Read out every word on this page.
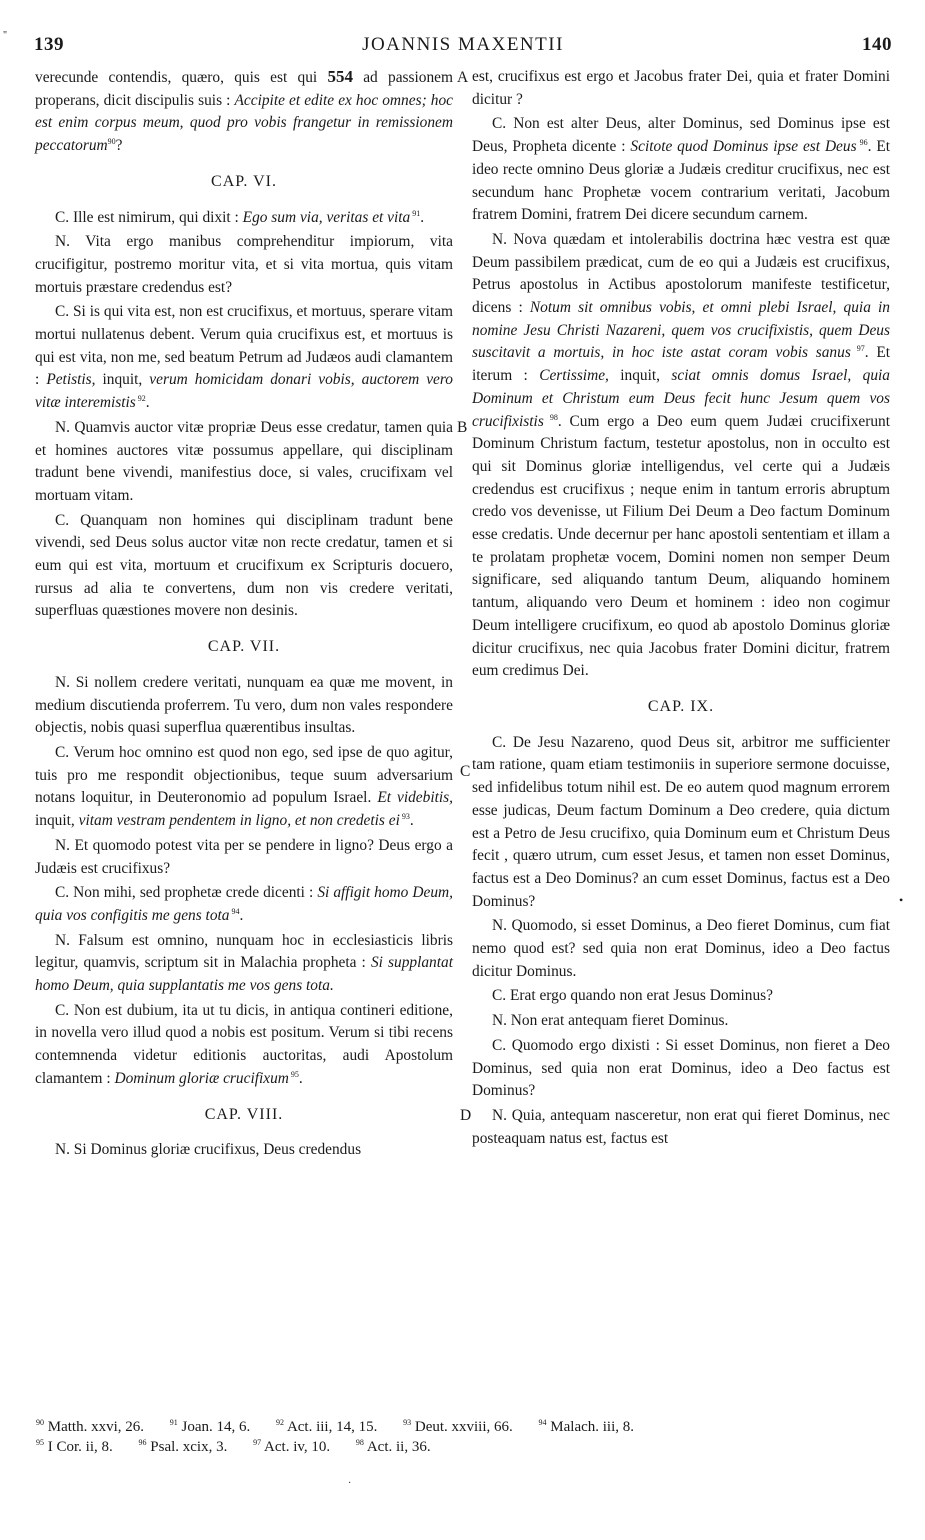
" 139	JOANNIS MAXENTII	140

verecunde contendis, quæro, quis est qui 554 ad passionem properans, dicit discipulis suis : Accipite et edite ex hoc omnes; hoc est enim corpus meum, quod pro vobis frangetur in remissionem peccatorum$^{90}$?

CAP. VI.

C. Ille est nimirum, qui dixit : Ego sum via, veritas et vita $^{91}$.

N. Vita ergo manibus comprehenditur impiorum, vita crucifigitur, postremo moritur vita, et si vita mortua, quis vitam mortuis præstare credendus est?

C. Si is qui vita est, non est crucifixus, et mortuus, sperare vitam mortui nullatenus debent. Verum quia crucifixus est, et mortuus is qui est vita, non me, sed beatum Petrum ad Judæos audi clamantem : Petistis, inquit, verum homicidam donari vobis, auctorem vero vitæ interemistis $^{92}$.

N. Quamvis auctor vitæ propriæ Deus esse credatur, tamen quia et homines auctores vitæ possumus appellare, qui disciplinam tradunt bene vivendi, manifestius doce, si vales, crucifixam vel mortuam vitam.

C. Quanquam non homines qui disciplinam tradunt bene vivendi, sed Deus solus auctor vitæ non recte credatur, tamen et si eum qui est vita, mortuum et crucifixum ex Scripturis docuero, rursus ad alia te convertens, dum non vis credere veritati, superfluas quæstiones movere non desinis.

CAP. VII.

N. Si nollem credere veritati, nunquam ea quæ me movent, in medium discutienda proferrem. Tu vero, dum non vales respondere objectis, nobis quasi superflua quærentibus insultas.

C. Verum hoc omnino est quod non ego, sed ipse de quo agitur, tuis pro me respondit objectionibus, teque suum adversarium notans loquitur, in Deuteronomio ad populum Israel. Et videbitis, inquit, vitam vestram pendentem in ligno, et non credetis ei $^{93}$.

N. Et quomodo potest vita per se pendere in ligno? Deus ergo a Judæis est crucifixus?

C. Non mihi, sed prophetæ crede dicenti : Si affigit homo Deum, quia vos configitis me gens tota $^{94}$.

N. Falsum est omnino, nunquam hoc in ecclesiasticis libris legitur, quamvis, scriptum sit in Malachia propheta : Si supplantat homo Deum, quia supplantatis me vos gens tota.

C. Non est dubium, ita ut tu dicis, in antiqua contineri editione, in novella vero illud quod a nobis est positum. Verum si tibi recens contemnenda videtur editionis auctoritas, audi Apostolum clamantem : Dominum gloriæ crucifixum $^{95}$.

CAP. VIII.

N. Si Dominus gloriæ crucifixus, Deus credendus

A
B
C
D

est, crucifixus est ergo et Jacobus frater Dei, quia et frater Domini dicitur ?

C. Non est alter Deus, alter Dominus, sed Dominus ipse est Deus, Propheta dicente : Scitote quod Dominus ipse est Deus $^{96}$. Et ideo recte omnino Deus gloriæ a Judæis creditur crucifixus, nec est secundum hanc Prophetæ vocem contrarium veritati, Jacobum fratrem Domini, fratrem Dei dicere secundum carnem.

N. Nova quædam et intolerabilis doctrina hæc vestra est quæ Deum passibilem prædicat, cum de eo qui a Judæis est crucifixus, Petrus apostolus in Actibus apostolorum manifeste testificetur, dicens : Notum sit omnibus vobis, et omni plebi Israel, quia in nomine Jesu Christi Nazareni, quem vos crucifixistis, quem Deus suscitavit a mortuis, in hoc iste astat coram vobis sanus $^{97}$. Et iterum : Certissime, inquit, sciat omnis domus Israel, quia Dominum et Christum eum Deus fecit hunc Jesum quem vos crucifixistis $^{98}$. Cum ergo a Deo eum quem Judæi crucifixerunt Dominum Christum factum, testetur apostolus, non in occulto est qui sit Dominus gloriæ intelligendus, vel certe qui a Judæis credendus est crucifixus ; neque enim in tantum erroris abruptum credo vos devenisse, ut Filium Dei Deum a Deo factum Dominum esse credatis. Unde decernur per hanc apostoli sententiam et illam a te prolatam prophetæ vocem, Domini nomen non semper Deum significare, sed aliquando tantum Deum, aliquando hominem tantum, aliquando vero Deum et hominem : ideo non cogimur Deum intelligere crucifixum, eo quod ab apostolo Dominus gloriæ dicitur crucifixus, nec quia Jacobus frater Domini dicitur, fratrem eum credimus Dei.

CAP. IX.

C. De Jesu Nazareno, quod Deus sit, arbitror me sufficienter tam ratione, quam etiam testimoniis in superiore sermone docuisse, sed infidelibus totum nihil est. De eo autem quod magnum errorem esse judicas, Deum factum Dominum a Deo credere, quia dictum est a Petro de Jesu crucifixo, quia Dominum eum et Christum Deus fecit , quæro utrum, cum esset Jesus, et tamen non esset Dominus, factus est a Deo Dominus? an cum esset Dominus, factus est a Deo Dominus?

N. Quomodo, si esset Dominus, a Deo fieret Dominus, cum fiat nemo quod est? sed quia non erat Dominus, ideo a Deo factus dicitur Dominus.

C. Erat ergo quando non erat Jesus Dominus?

N. Non erat antequam fieret Dominus.

C. Quomodo ergo dixisti : Si esset Dominus, non fieret a Deo Dominus, sed quia non erat Dominus, ideo a Deo factus est Dominus?

N. Quia, antequam nasceretur, non erat qui fieret Dominus, nec posteaquam natus est, factus est

•
$^{90}$ Matth. xxvi, 26.	$^{91}$ Joan. 14, 6.	$^{92}$ Act. iii, 14, 15.	$^{93}$ Deut. xxviii, 66.	$^{94}$ Malach. iii, 8.
$^{95}$ I Cor. ii, 8.	$^{96}$ Psal. xcix, 3.	$^{97}$ Act. iv, 10.	$^{98}$ Act. ii, 36.
·
